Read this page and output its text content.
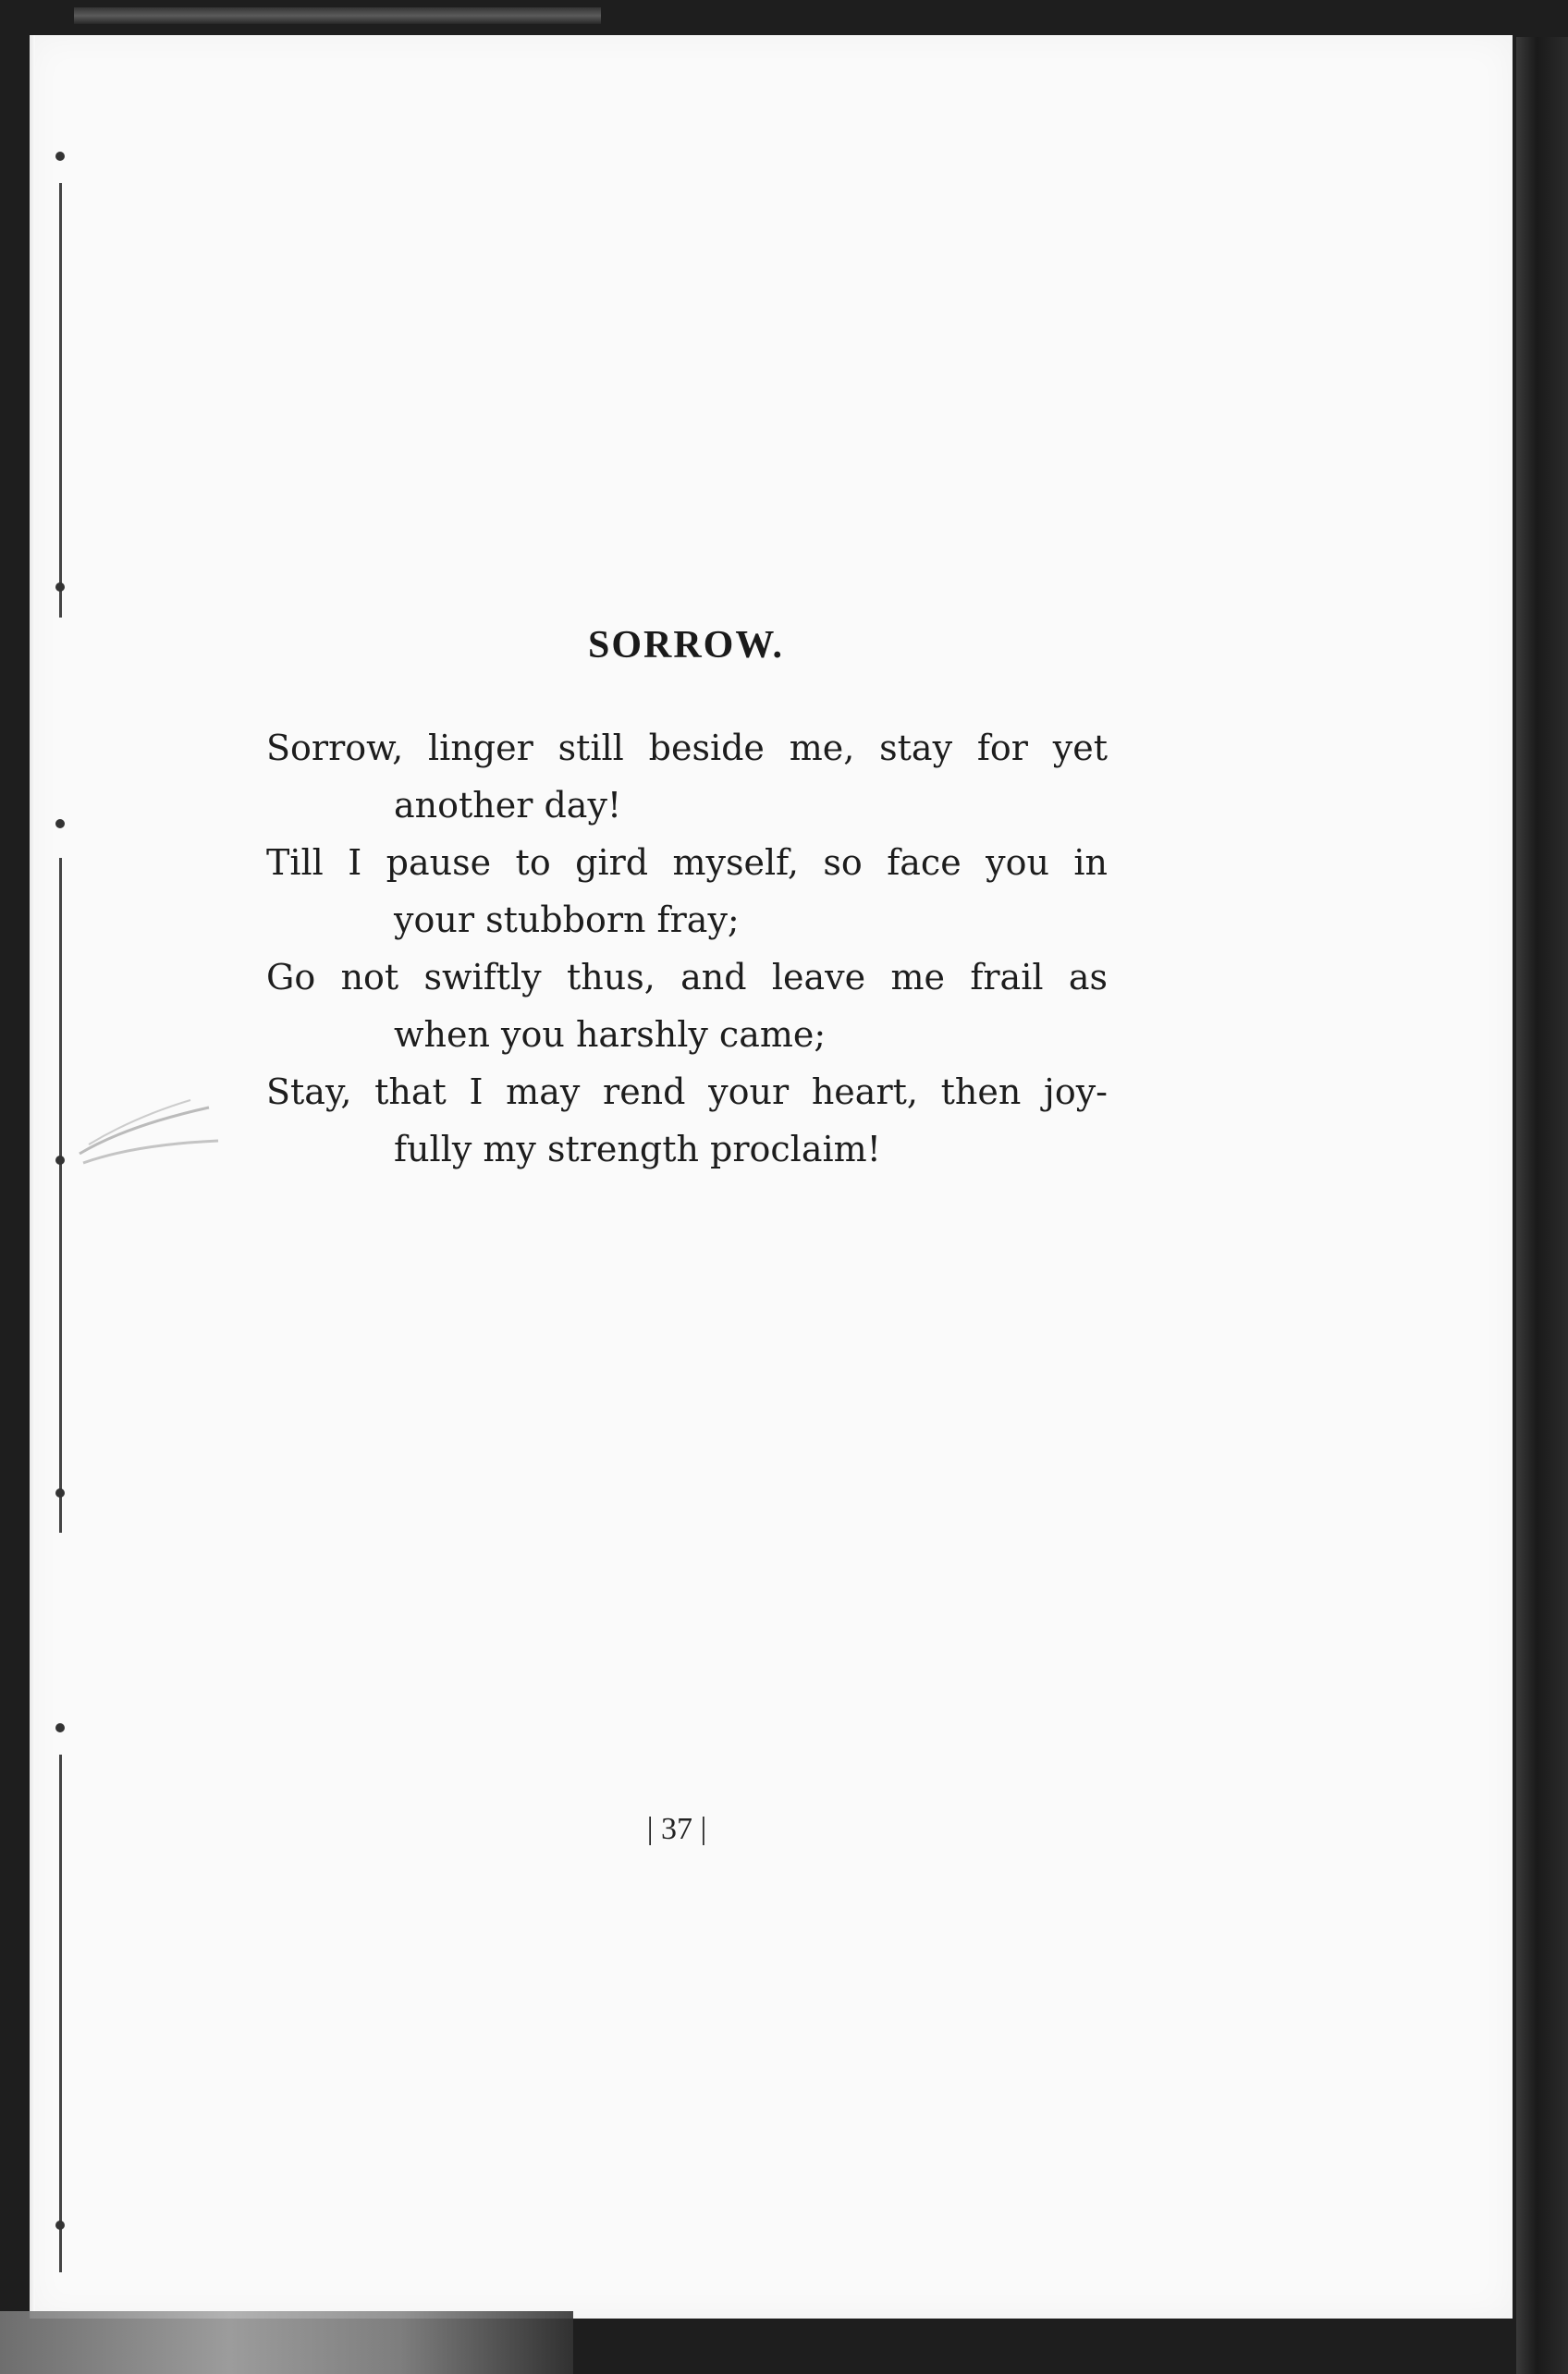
SORROW.
Sorrow, linger still beside me, stay for yet
another day!
Till I pause to gird myself, so face you in
your stubborn fray;
Go not swiftly thus, and leave me frail as
when you harshly came;
Stay, that I may rend your heart, then joy-
fully my strength proclaim!
| 37 |
